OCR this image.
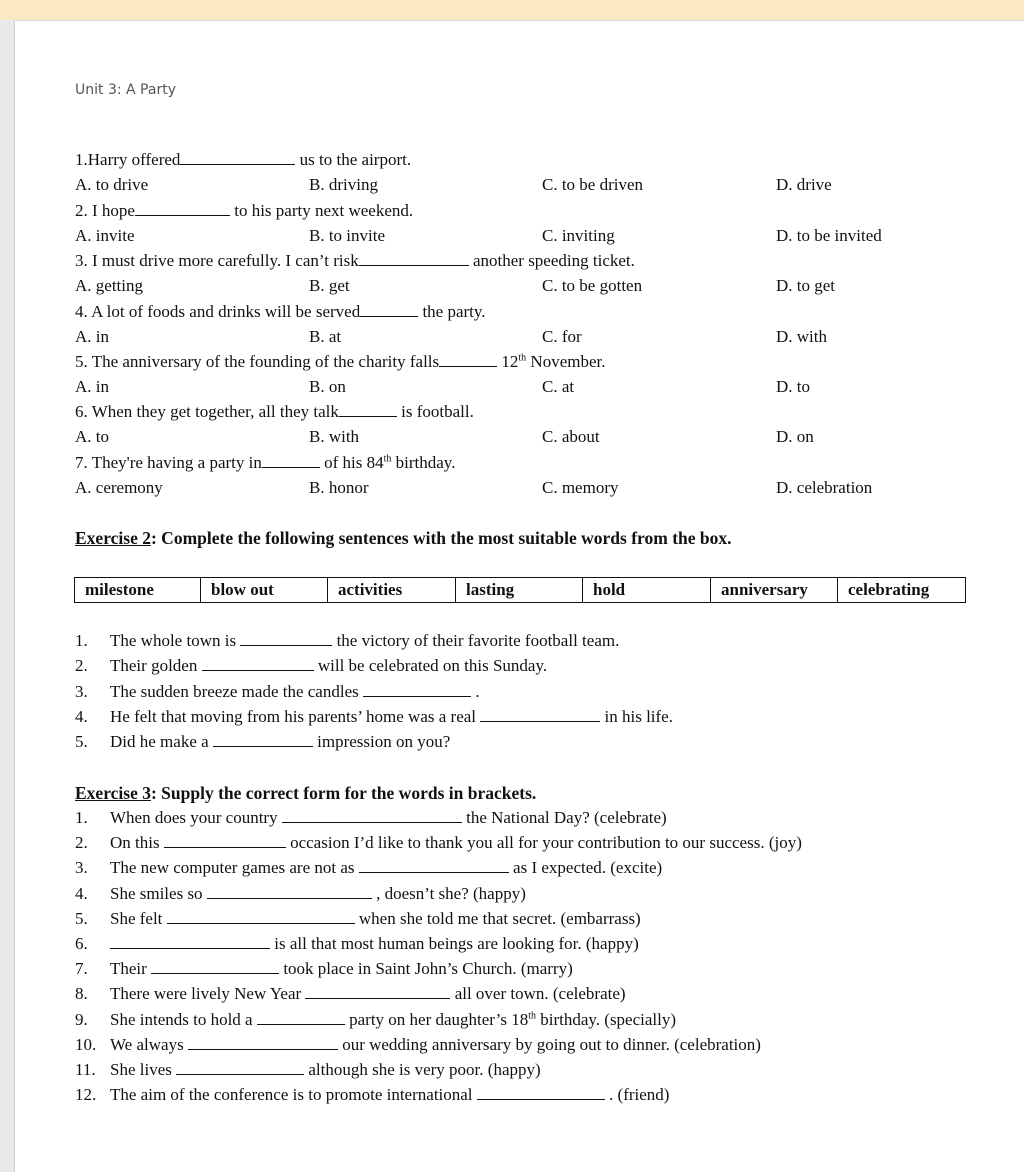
Unit 3: A Party
1.Harry offered	us to the airport.
A. to drive	B. driving	C. to be driven	D. drive
2. I hope	to his party next weekend.
A. invite	B. to invite	C. inviting	D. to be invited
3. I must drive more carefully. I can’t risk	another speeding ticket.
A. getting	B. get	C. to be gotten	D. to get
4. A lot of foods and drinks will be served	the party.
A. in	B. at	C. for	D. with
5. The anniversary of the founding of the charity falls	12th November.
A. in	B. on	C. at	D. to
6. When they get together, all they talk	is football.
A. to	B. with	C. about	D. on
7. They're having a party in	of his 84th birthday.
A. ceremony	B. honor	C. memory	D. celebration
Exercise 2: Complete the following sentences with the most suitable words from the box.
milestone	blow out	activities	lasting	hold	anniversary	celebrating
1. The whole town is	the victory of their favorite football team.
2. Their golden	will be celebrated on this Sunday.
3. The sudden breeze made the candles	.
4. He felt that moving from his parents’ home was a real	in his life.
5. Did he make a	impression on you?
Exercise 3: Supply the correct form for the words in brackets.
1. When does your country	the National Day? (celebrate)
2. On this	occasion I’d like to thank you all for your contribution to our success. (joy)
3. The new computer games are not as	as I expected. (excite)
4. She smiles so	, doesn’t she? (happy)
5. She felt	when she told me that secret. (embarrass)
6.	is all that most human beings are looking for. (happy)
7. Their	took place in Saint John’s Church. (marry)
8. There were lively New Year	all over town. (celebrate)
9. She intends to hold a	party on her daughter’s 18th birthday. (specially)
10. We always	our wedding anniversary by going out to dinner. (celebration)
11. She lives	although she is very poor. (happy)
12. The aim of the conference is to promote international	. (friend)
